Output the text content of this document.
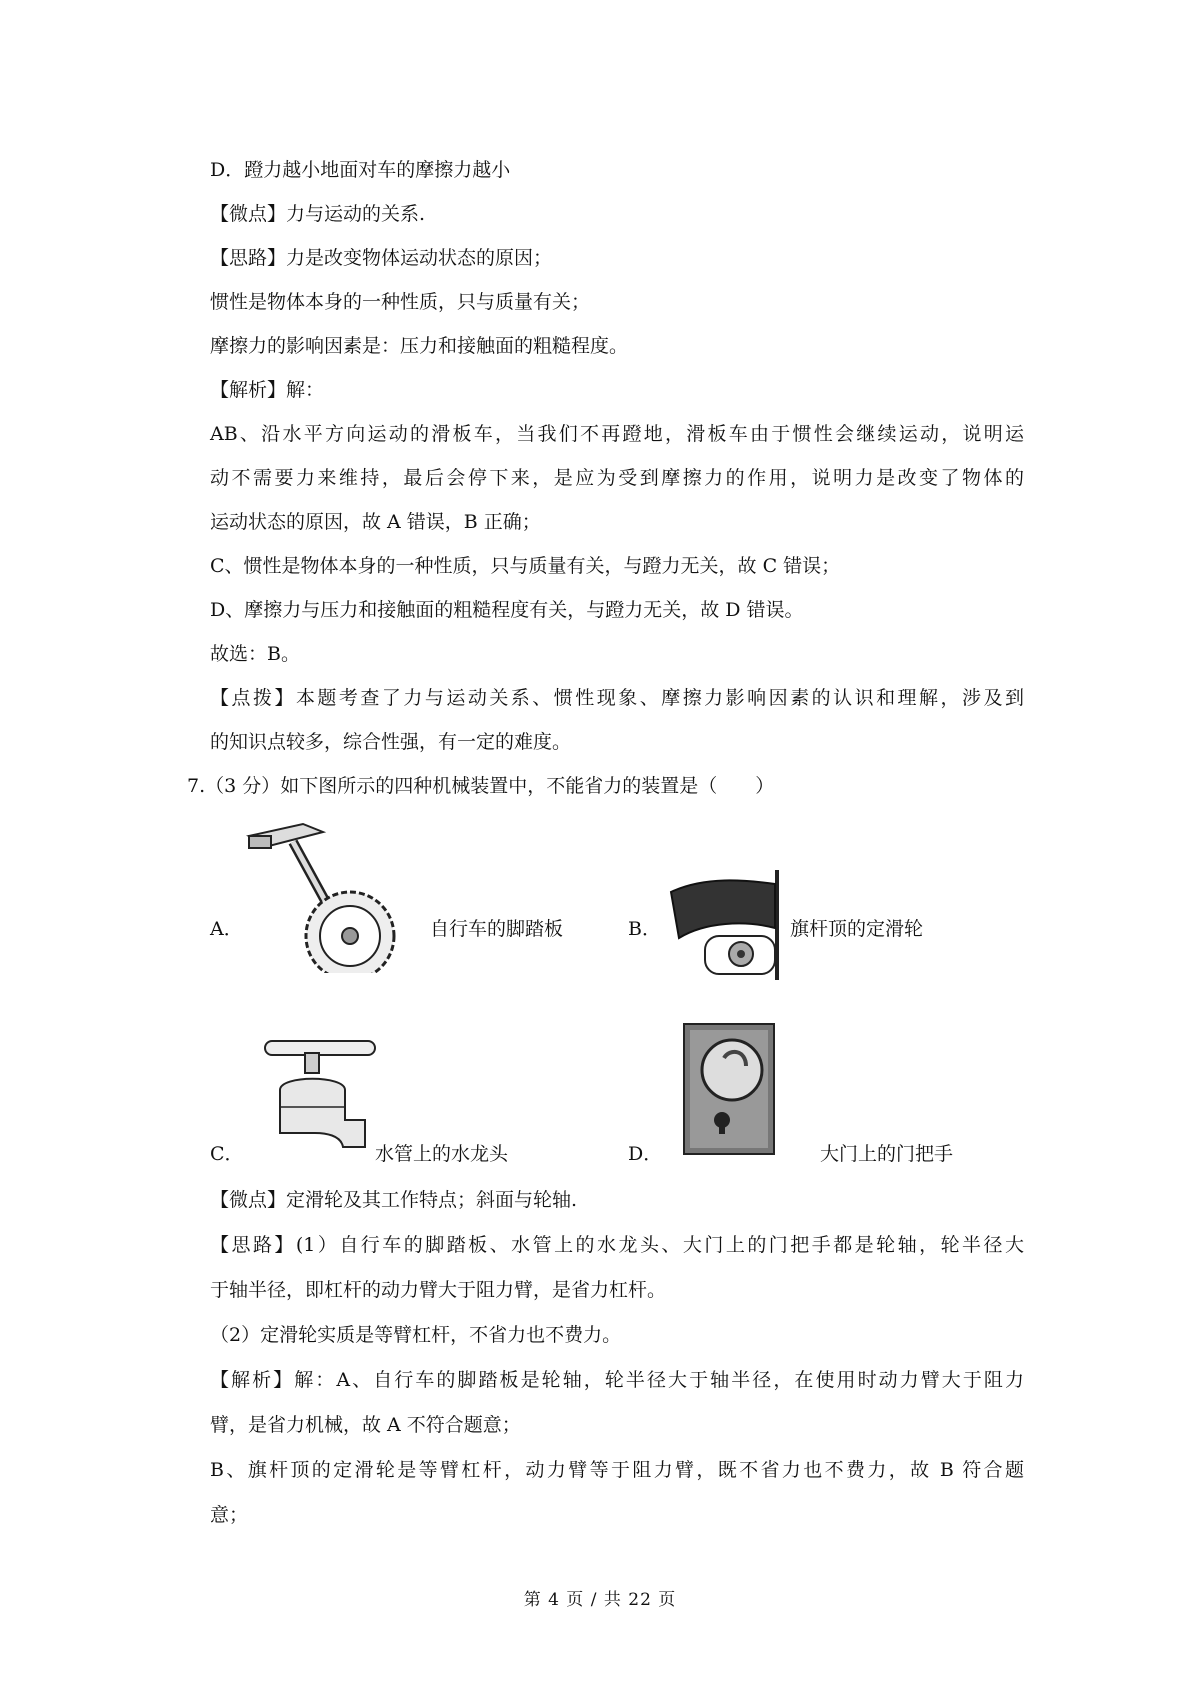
D．蹬力越小地面对车的摩擦力越小
【微点】力与运动的关系.
【思路】力是改变物体运动状态的原因；
惯性是物体本身的一种性质，只与质量有关；
摩擦力的影响因素是：压力和接触面的粗糙程度。
【解析】解：
AB、沿水平方向运动的滑板车，当我们不再蹬地，滑板车由于惯性会继续运动，说明运
动不需要力来维持，最后会停下来，是应为受到摩擦力的作用，说明力是改变了物体的
运动状态的原因，故 A 错误，B 正确；
C、惯性是物体本身的一种性质，只与质量有关，与蹬力无关，故 C 错误；
D、摩擦力与压力和接触面的粗糙程度有关，与蹬力无关，故 D 错误。
故选：B。
【点拨】本题考查了力与运动关系、惯性现象、摩擦力影响因素的认识和理解，涉及到
的知识点较多，综合性强，有一定的难度。
7.（3 分）如下图所示的四种机械装置中，不能省力的装置是（　　）
A．	自行车的脚踏板	B．	旗杆顶的定滑轮
C．	水管上的水龙头	D．	大门上的门把手
【微点】定滑轮及其工作特点；斜面与轮轴.
【思路】(1）自行车的脚踏板、水管上的水龙头、大门上的门把手都是轮轴，轮半径大
于轴半径，即杠杆的动力臂大于阻力臂，是省力杠杆。
（2）定滑轮实质是等臂杠杆，不省力也不费力。
【解析】解：A、自行车的脚踏板是轮轴，轮半径大于轴半径，在使用时动力臂大于阻力
臂，是省力机械，故 A 不符合题意；
B、旗杆顶的定滑轮是等臂杠杆，动力臂等于阻力臂，既不省力也不费力，故 B 符合题
意；
第 4 页 / 共 22 页
